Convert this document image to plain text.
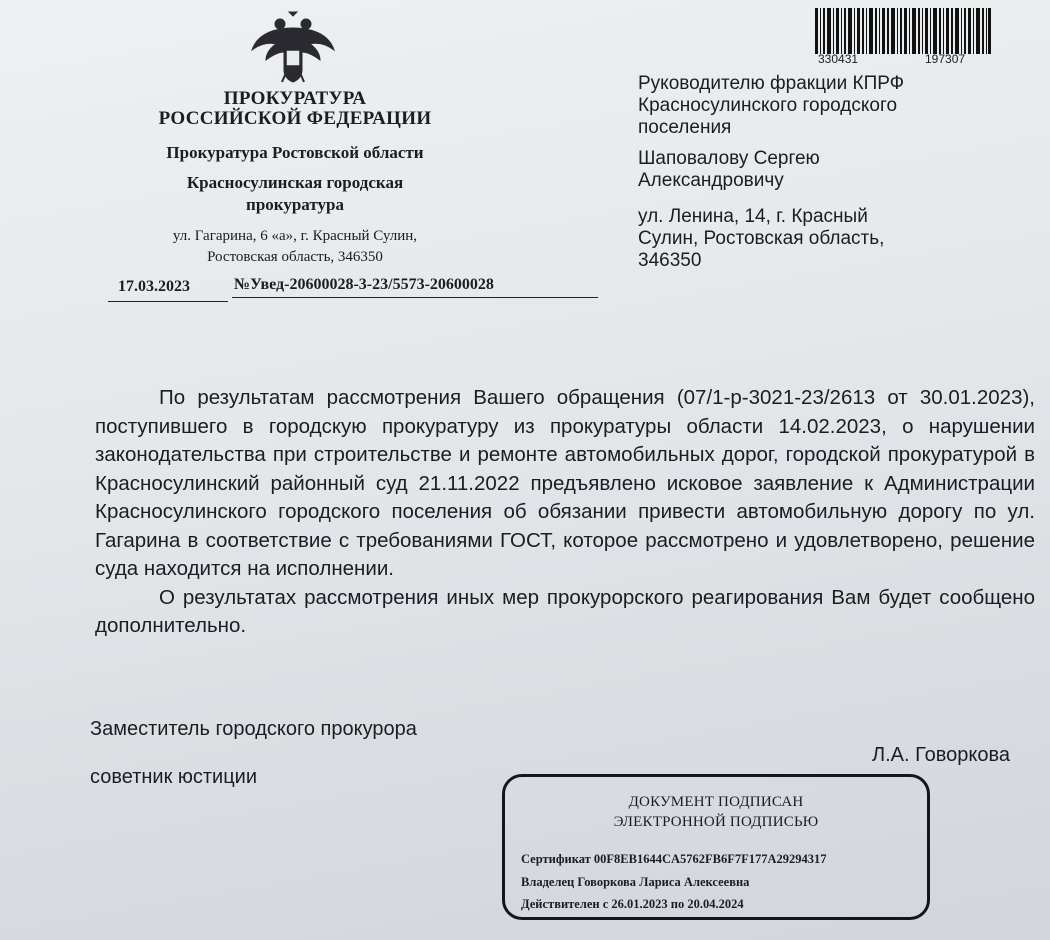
ПРОКУРАТУРА
РОССИЙСКОЙ ФЕДЕРАЦИИ
Прокуратура Ростовской области
Красносулинская городская
прокуратура
ул. Гагарина, 6 «а», г. Красный Сулин,
Ростовская область, 346350
17.03.2023	№Увед-20600028-3-23/5573-20600028
330431	197307
Руководителю фракции КПРФ
Красносулинского городского
поселения
Шаповалову Сергею
Александровичу
ул. Ленина, 14, г. Красный
Сулин, Ростовская область,
346350

По результатам рассмотрения Вашего обращения (07/1-р-3021-23/2613 от 30.01.2023), поступившего в городскую прокуратуру из прокуратуры области 14.02.2023, о нарушении законодательства при строительстве и ремонте автомобильных дорог, городской прокуратурой в Красносулинский районный суд 21.11.2022 предъявлено исковое заявление к Администрации Красносулинского городского поселения об обязании привести автомобильную дорогу по ул. Гагарина в соответствие с требованиями ГОСТ, которое рассмотрено и удовлетворено, решение суда находится на исполнении.

О результатах рассмотрения иных мер прокурорского реагирования Вам будет сообщено дополнительно.

Заместитель городского прокурора
советник юстиции
Л.А. Говоркова
ДОКУМЕНТ ПОДПИСАН
ЭЛЕКТРОННОЙ ПОДПИСЬЮ
Сертификат 00F8EB1644CA5762FB6F7F177A29294317
Владелец Говоркова Лариса Алексеевна
Действителен с 26.01.2023 по 20.04.2024
